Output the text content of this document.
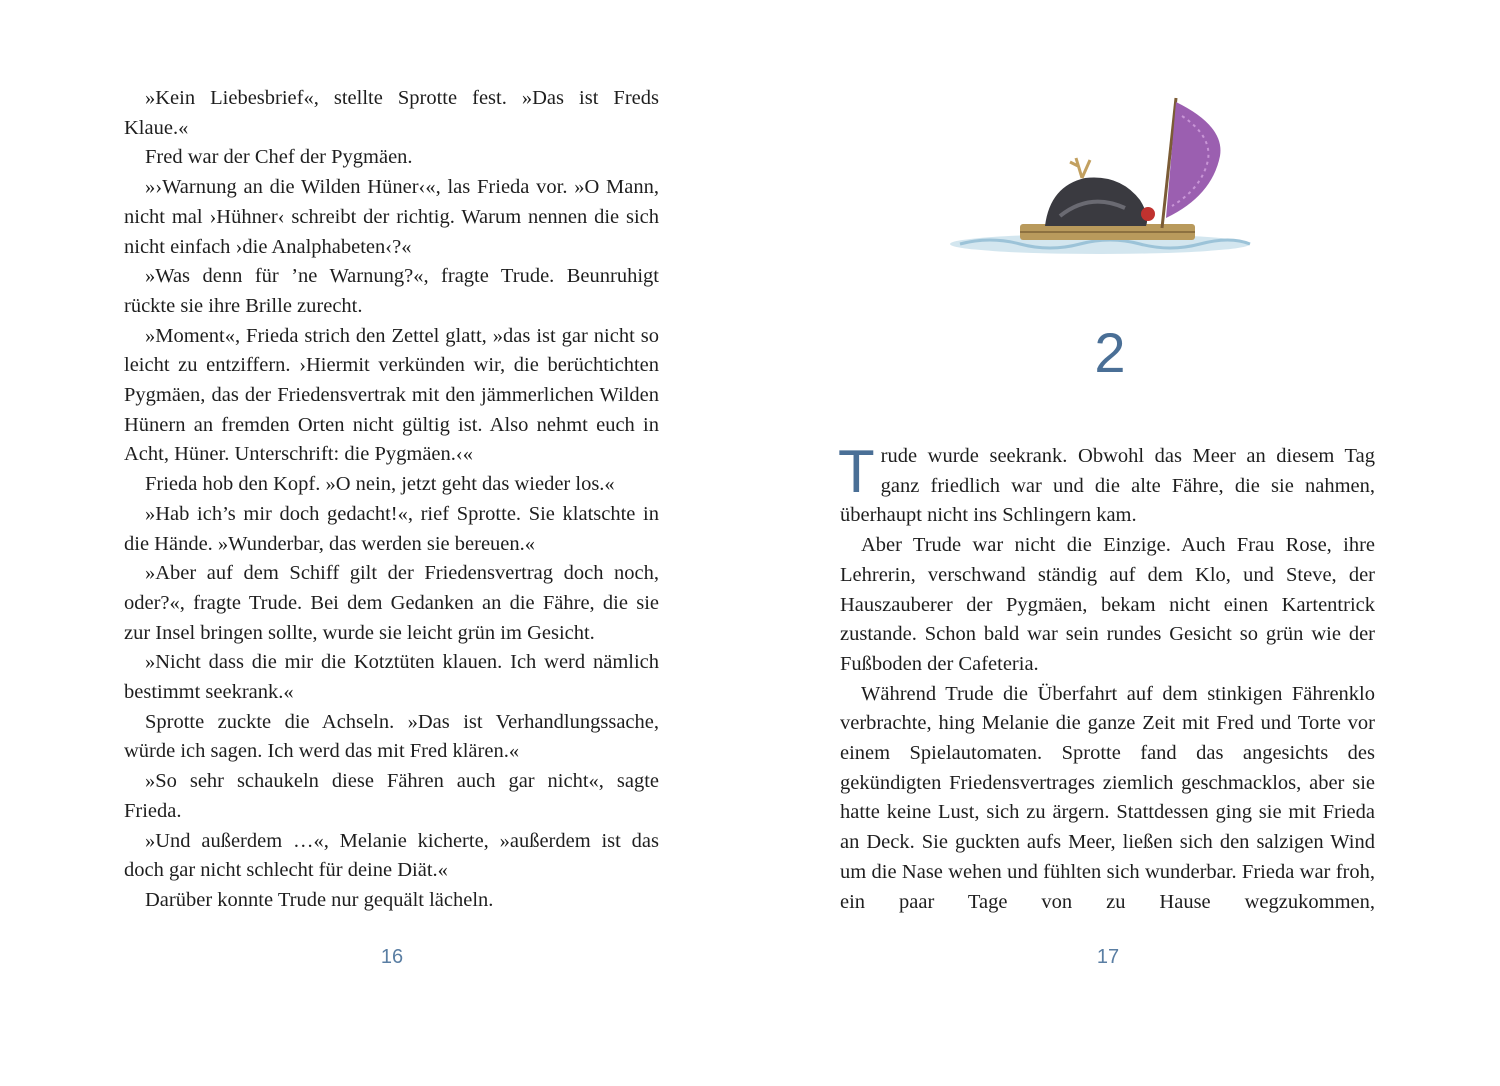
»Kein Liebesbrief«, stellte Sprotte fest. »Das ist Freds Klaue.«

Fred war der Chef der Pygmäen.

»›Warnung an die Wilden Hüner‹«, las Frieda vor. »O Mann, nicht mal ›Hühner‹ schreibt der richtig. Warum nennen die sich nicht einfach ›die Analphabeten‹?«

»Was denn für ’ne Warnung?«, fragte Trude. Beunruhigt rückte sie ihre Brille zurecht.

»Moment«, Frieda strich den Zettel glatt, »das ist gar nicht so leicht zu entziffern. ›Hiermit verkünden wir, die berüchtichten Pygmäen, das der Friedensvertrak mit den jämmerlichen Wilden Hünern an fremden Orten nicht gültig ist. Also nehmt euch in Acht, Hüner. Unterschrift: die Pygmäen.‹«

Frieda hob den Kopf. »O nein, jetzt geht das wieder los.«

»Hab ich’s mir doch gedacht!«, rief Sprotte. Sie klatschte in die Hände. »Wunderbar, das werden sie bereuen.«

»Aber auf dem Schiff gilt der Friedensvertrag doch noch, oder?«, fragte Trude. Bei dem Gedanken an die Fähre, die sie zur Insel bringen sollte, wurde sie leicht grün im Gesicht.

»Nicht dass die mir die Kotztüten klauen. Ich werd nämlich bestimmt seekrank.«

Sprotte zuckte die Achseln. »Das ist Verhandlungssache, würde ich sagen. Ich werd das mit Fred klären.«

»So sehr schaukeln diese Fähren auch gar nicht«, sagte Frieda.

»Und außerdem …«, Melanie kicherte, »außerdem ist das doch gar nicht schlecht für deine Diät.«

Darüber konnte Trude nur gequält lächeln.

16
2

Trude wurde seekrank. Obwohl das Meer an diesem Tag ganz friedlich war und die alte Fähre, die sie nahmen, überhaupt nicht ins Schlingern kam.

Aber Trude war nicht die Einzige. Auch Frau Rose, ihre Lehrerin, verschwand ständig auf dem Klo, und Steve, der Hauszauberer der Pygmäen, bekam nicht einen Kartentrick zustande. Schon bald war sein rundes Gesicht so grün wie der Fußboden der Cafeteria.

Während Trude die Überfahrt auf dem stinkigen Fährenklo verbrachte, hing Melanie die ganze Zeit mit Fred und Torte vor einem Spielautomaten. Sprotte fand das angesichts des gekündigten Friedensvertrages ziemlich geschmacklos, aber sie hatte keine Lust, sich zu ärgern. Stattdessen ging sie mit Frieda an Deck. Sie guckten aufs Meer, ließen sich den salzigen Wind um die Nase wehen und fühlten sich wunderbar. Frieda war froh, ein paar Tage von zu Hause wegzukommen,

17
